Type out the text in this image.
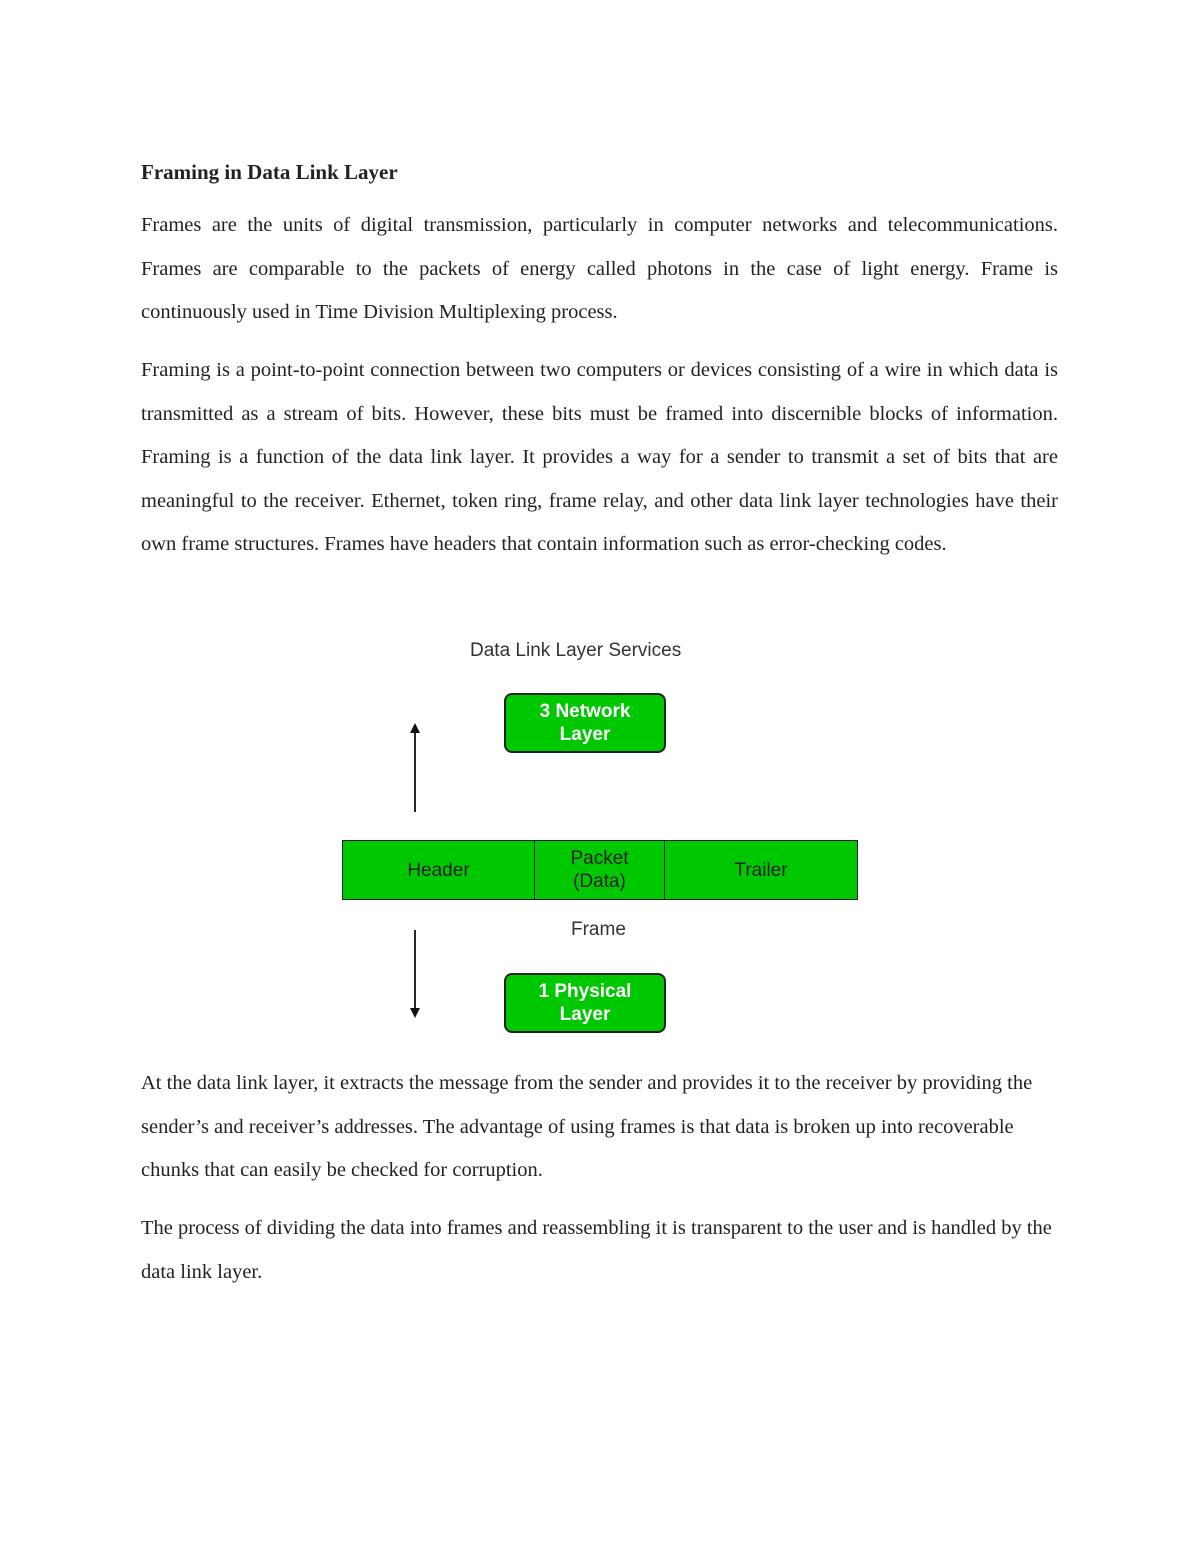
Framing in Data Link Layer

Frames are the units of digital transmission, particularly in computer networks and telecommunications. Frames are comparable to the packets of energy called photons in the case of light energy. Frame is continuously used in Time Division Multiplexing process.

Framing is a point-to-point connection between two computers or devices consisting of a wire in which data is transmitted as a stream of bits. However, these bits must be framed into discernible blocks of information. Framing is a function of the data link layer. It provides a way for a sender to transmit a set of bits that are meaningful to the receiver. Ethernet, token ring, frame relay, and other data link layer technologies have their own frame structures. Frames have headers that contain information such as error-checking codes.

At the data link layer, it extracts the message from the sender and provides it to the receiver by providing the sender’s and receiver’s addresses. The advantage of using frames is that data is broken up into recoverable chunks that can easily be checked for corruption.

The process of dividing the data into frames and reassembling it is transparent to the user and is handled by the data link layer.

Data Link Layer Services
3 Network
Layer
Header
Packet
(Data)
Trailer
Frame
1 Physical
Layer
